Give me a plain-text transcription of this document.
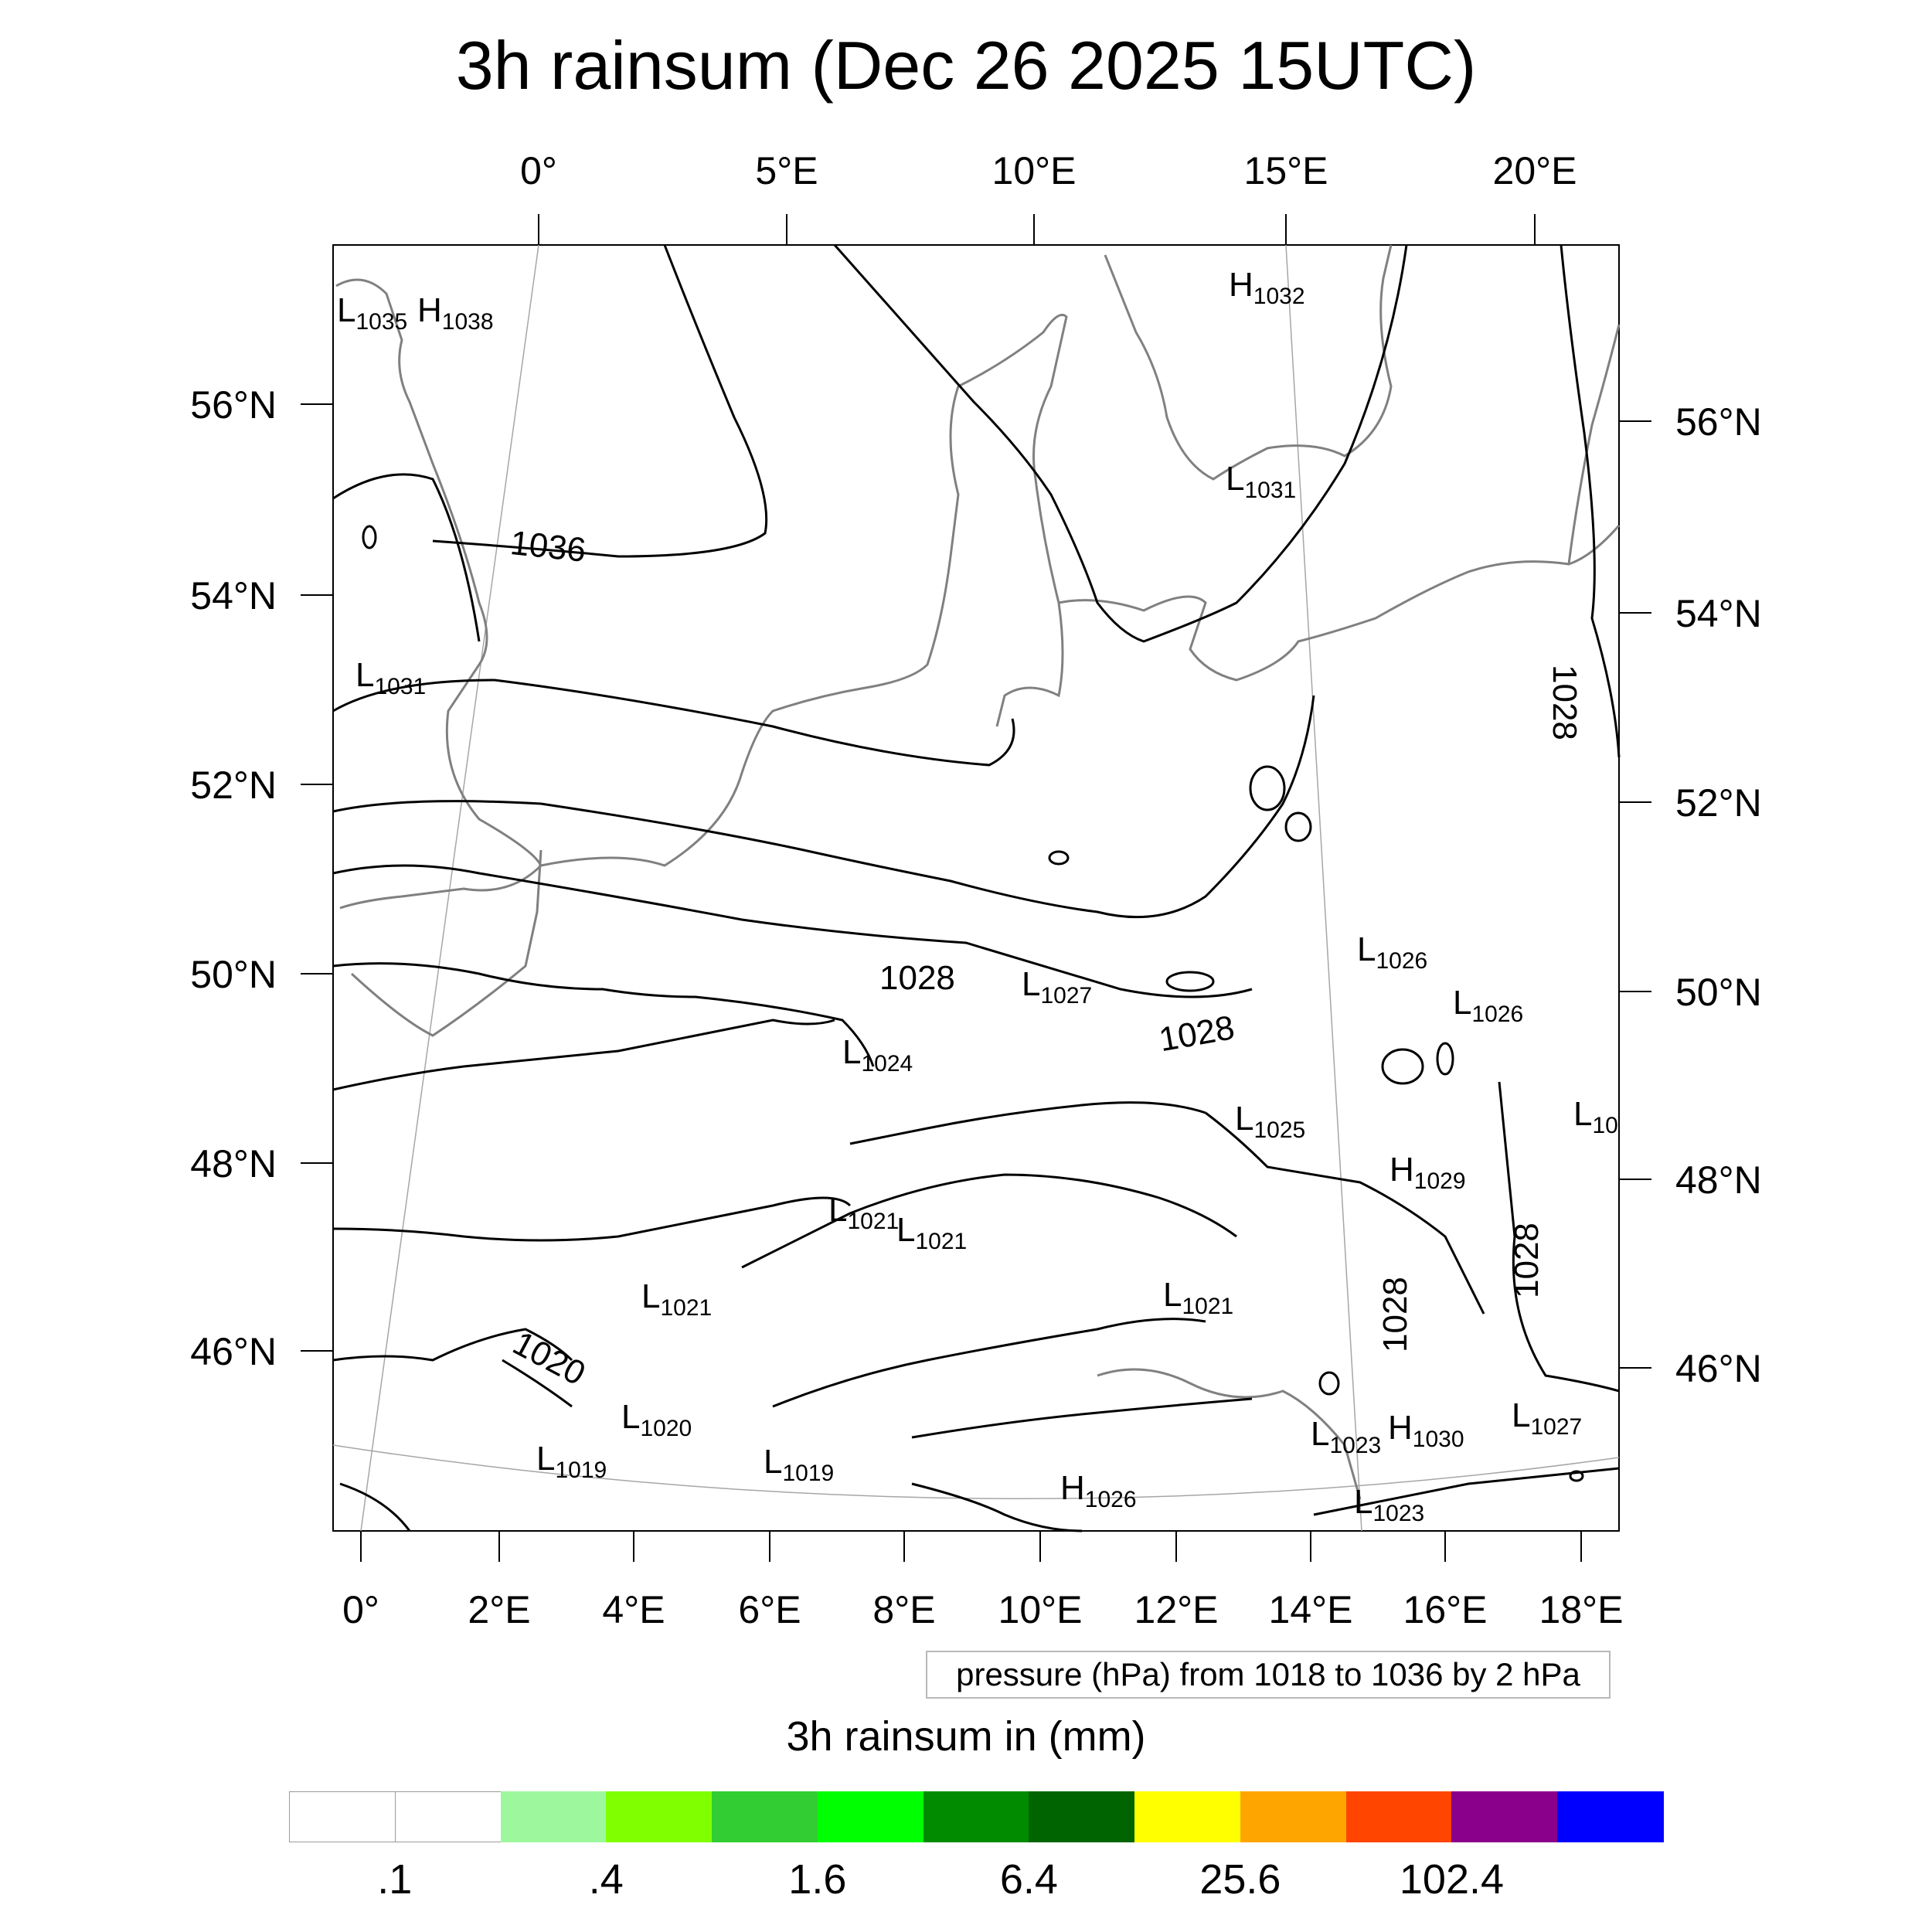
3h rainsum (Dec 26 2025 15UTC)
0°	5°E	10°E	15°E	20°E
0° 2°E 4°E 6°E 8°E 10°E 12°E 14°E 16°E 18°E
56°N
54°N
52°N
50°N
48°N
46°N
56°N
54°N
52°N
50°N
48°N
46°N
1036
1028
1028
1020
1028
1028
1028
$L_{1035}$ $H_{1038}$
$H_{1032}$
$L_{1031}$
$L_{1031}$
$L_{1026}$
$L_{1026}$
$L_{1027}$
$L_{1024}$
$L_{1025}$	$L_{10}$
$H_{1029}$
$L_{1021}$
$L_{1021}$
$L_{1021}$	$L_{1021}$
$L_{1020}$
$L_{1019}$	$L_{1019}$	$H_{1026}$
$L_{1023}$ $H_{1030}$
$L_{1027}$
$L_{1023}$
pressure (hPa) from 1018 to 1036 by 2 hPa
3h rainsum in (mm)
.1	.4	1.6	6.4	25.6	102.4
